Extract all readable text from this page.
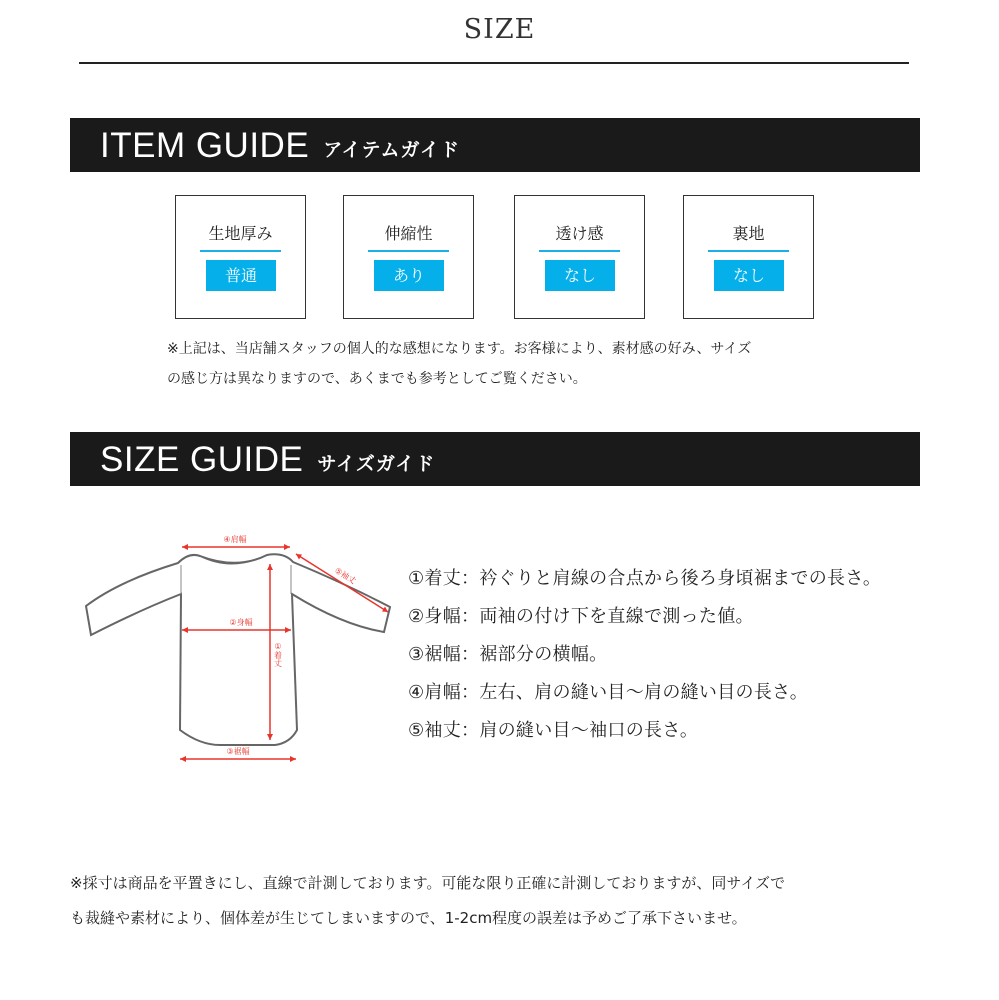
SIZE
ITEM GUIDE アイテムガイド
生地厚み
普通
伸縮性
あり
透け感
なし
裏地
なし
※上記は、当店舗スタッフの個人的な感想になります。お客様により、素材感の好み、サイズ
の感じ方は異なりますので、あくまでも参考としてご覧ください。
SIZE GUIDE サイズガイド
④肩幅
⑤袖丈
②身幅
①着丈
③裾幅
①着丈：衿ぐりと肩線の合点から後ろ身頃裾までの長さ。
②身幅：両袖の付け下を直線で測った値。
③裾幅：裾部分の横幅。
④肩幅：左右、肩の縫い目〜肩の縫い目の長さ。
⑤袖丈：肩の縫い目〜袖口の長さ。
※採寸は商品を平置きにし、直線で計測しております。可能な限り正確に計測しておりますが、同サイズで
も裁縫や素材により、個体差が生じてしまいますので、1-2cm程度の誤差は予めご了承下さいませ。
